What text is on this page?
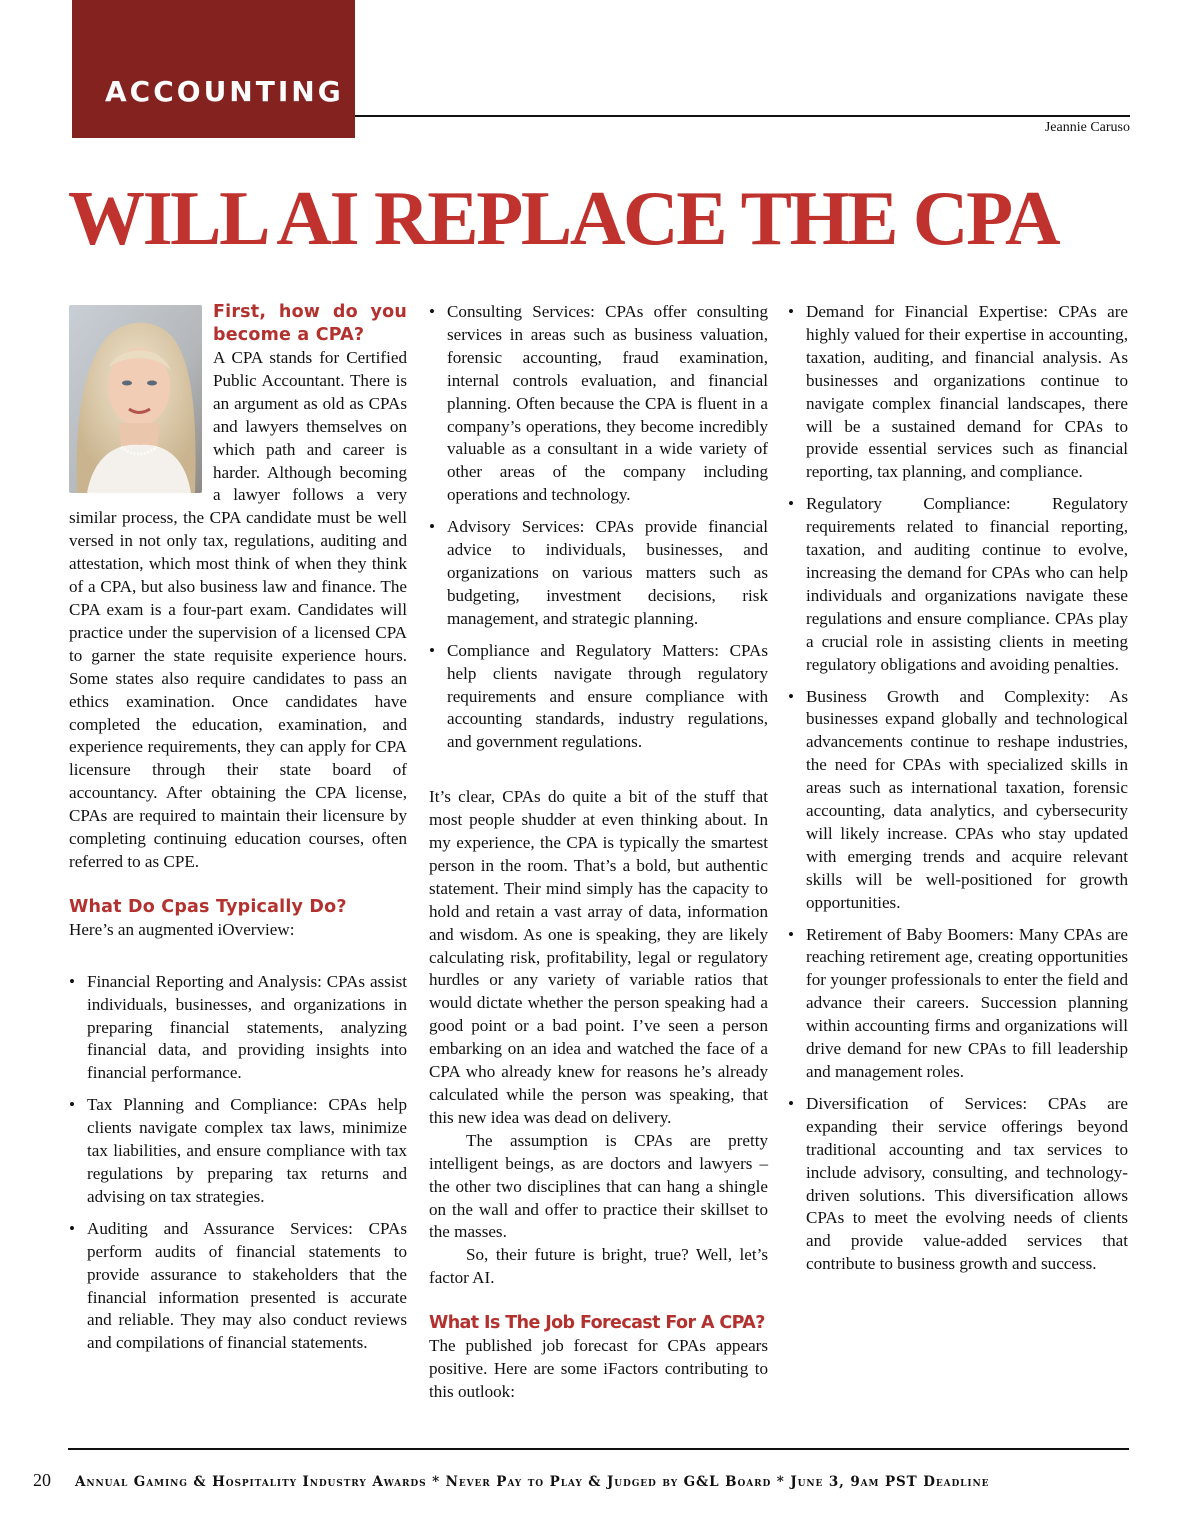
ACCOUNTING
Jeannie Caruso
WILL AI REPLACE THE CPA
First, how do you become a CPA?

A CPA stands for Certified Public Accountant. There is an argument as old as CPAs and lawyers themselves on which path and career is harder. Although becoming a lawyer follows a very similar process, the CPA candidate must be well versed in not only tax, regulations, auditing and attestation, which most think of when they think of a CPA, but also business law and finance. The CPA exam is a four-part exam. Candidates will practice under the supervision of a licensed CPA to garner the state requisite experience hours. Some states also require candidates to pass an ethics examination. Once candidates have completed the education, examination, and experience requirements, they can apply for CPA licensure through their state board of accountancy. After obtaining the CPA license, CPAs are required to maintain their licensure by completing continuing education courses, often referred to as CPE.

What Do Cpas Typically Do?

Here’s an augmented iOverview:

• Financial Reporting and Analysis: CPAs assist individuals, businesses, and organizations in preparing financial statements, analyzing financial data, and providing insights into financial performance.
• Tax Planning and Compliance: CPAs help clients navigate complex tax laws, minimize tax liabilities, and ensure compliance with tax regulations by preparing tax returns and advising on tax strategies.
• Auditing and Assurance Services: CPAs perform audits of financial statements to provide assurance to stakeholders that the financial information presented is accurate and reliable. They may also conduct reviews and compilations of financial statements.
• Consulting Services: CPAs offer consulting services in areas such as business valuation, forensic accounting, fraud examination, internal controls evaluation, and financial planning. Often because the CPA is fluent in a company’s operations, they become incredibly valuable as a consultant in a wide variety of other areas of the company including operations and technology.
• Advisory Services: CPAs provide financial advice to individuals, businesses, and organizations on various matters such as budgeting, investment decisions, risk management, and strategic planning.
• Compliance and Regulatory Matters: CPAs help clients navigate through regulatory requirements and ensure compliance with accounting standards, industry regulations, and government regulations.

It’s clear, CPAs do quite a bit of the stuff that most people shudder at even thinking about. In my experience, the CPA is typically the smartest person in the room. That’s a bold, but authentic statement. Their mind simply has the capacity to hold and retain a vast array of data, information and wisdom. As one is speaking, they are likely calculating risk, profitability, legal or regulatory hurdles or any variety of variable ratios that would dictate whether the person speaking had a good point or a bad point. I’ve seen a person embarking on an idea and watched the face of a CPA who already knew for reasons he’s already calculated while the person was speaking, that this new idea was dead on delivery.

The assumption is CPAs are pretty intelligent beings, as are doctors and lawyers – the other two disciplines that can hang a shingle on the wall and offer to practice their skillset to the masses.

So, their future is bright, true? Well, let’s factor AI.

What Is The Job Forecast For A CPA?

The published job forecast for CPAs appears positive. Here are some iFactors contributing to this outlook:

• Demand for Financial Expertise: CPAs are highly valued for their expertise in accounting, taxation, auditing, and financial analysis. As businesses and organizations continue to navigate complex financial landscapes, there will be a sustained demand for CPAs to provide essential services such as financial reporting, tax planning, and compliance.
• Regulatory Compliance: Regulatory requirements related to financial reporting, taxation, and auditing continue to evolve, increasing the demand for CPAs who can help individuals and organizations navigate these regulations and ensure compliance. CPAs play a crucial role in assisting clients in meeting regulatory obligations and avoiding penalties.
• Business Growth and Complexity: As businesses expand globally and technological advancements continue to reshape industries, the need for CPAs with specialized skills in areas such as international taxation, forensic accounting, data analytics, and cybersecurity will likely increase. CPAs who stay updated with emerging trends and acquire relevant skills will be well-positioned for growth opportunities.
• Retirement of Baby Boomers: Many CPAs are reaching retirement age, creating opportunities for younger professionals to enter the field and advance their careers. Succession planning within accounting firms and organizations will drive demand for new CPAs to fill leadership and management roles.
• Diversification of Services: CPAs are expanding their service offerings beyond traditional accounting and tax services to include advisory, consulting, and technology-driven solutions. This diversification allows CPAs to meet the evolving needs of clients and provide value-added services that contribute to business growth and success.
20 Annual Gaming & Hospitality Industry Awards * Never Pay to Play & Judged by G&L Board * June 3, 9am PST Deadline
